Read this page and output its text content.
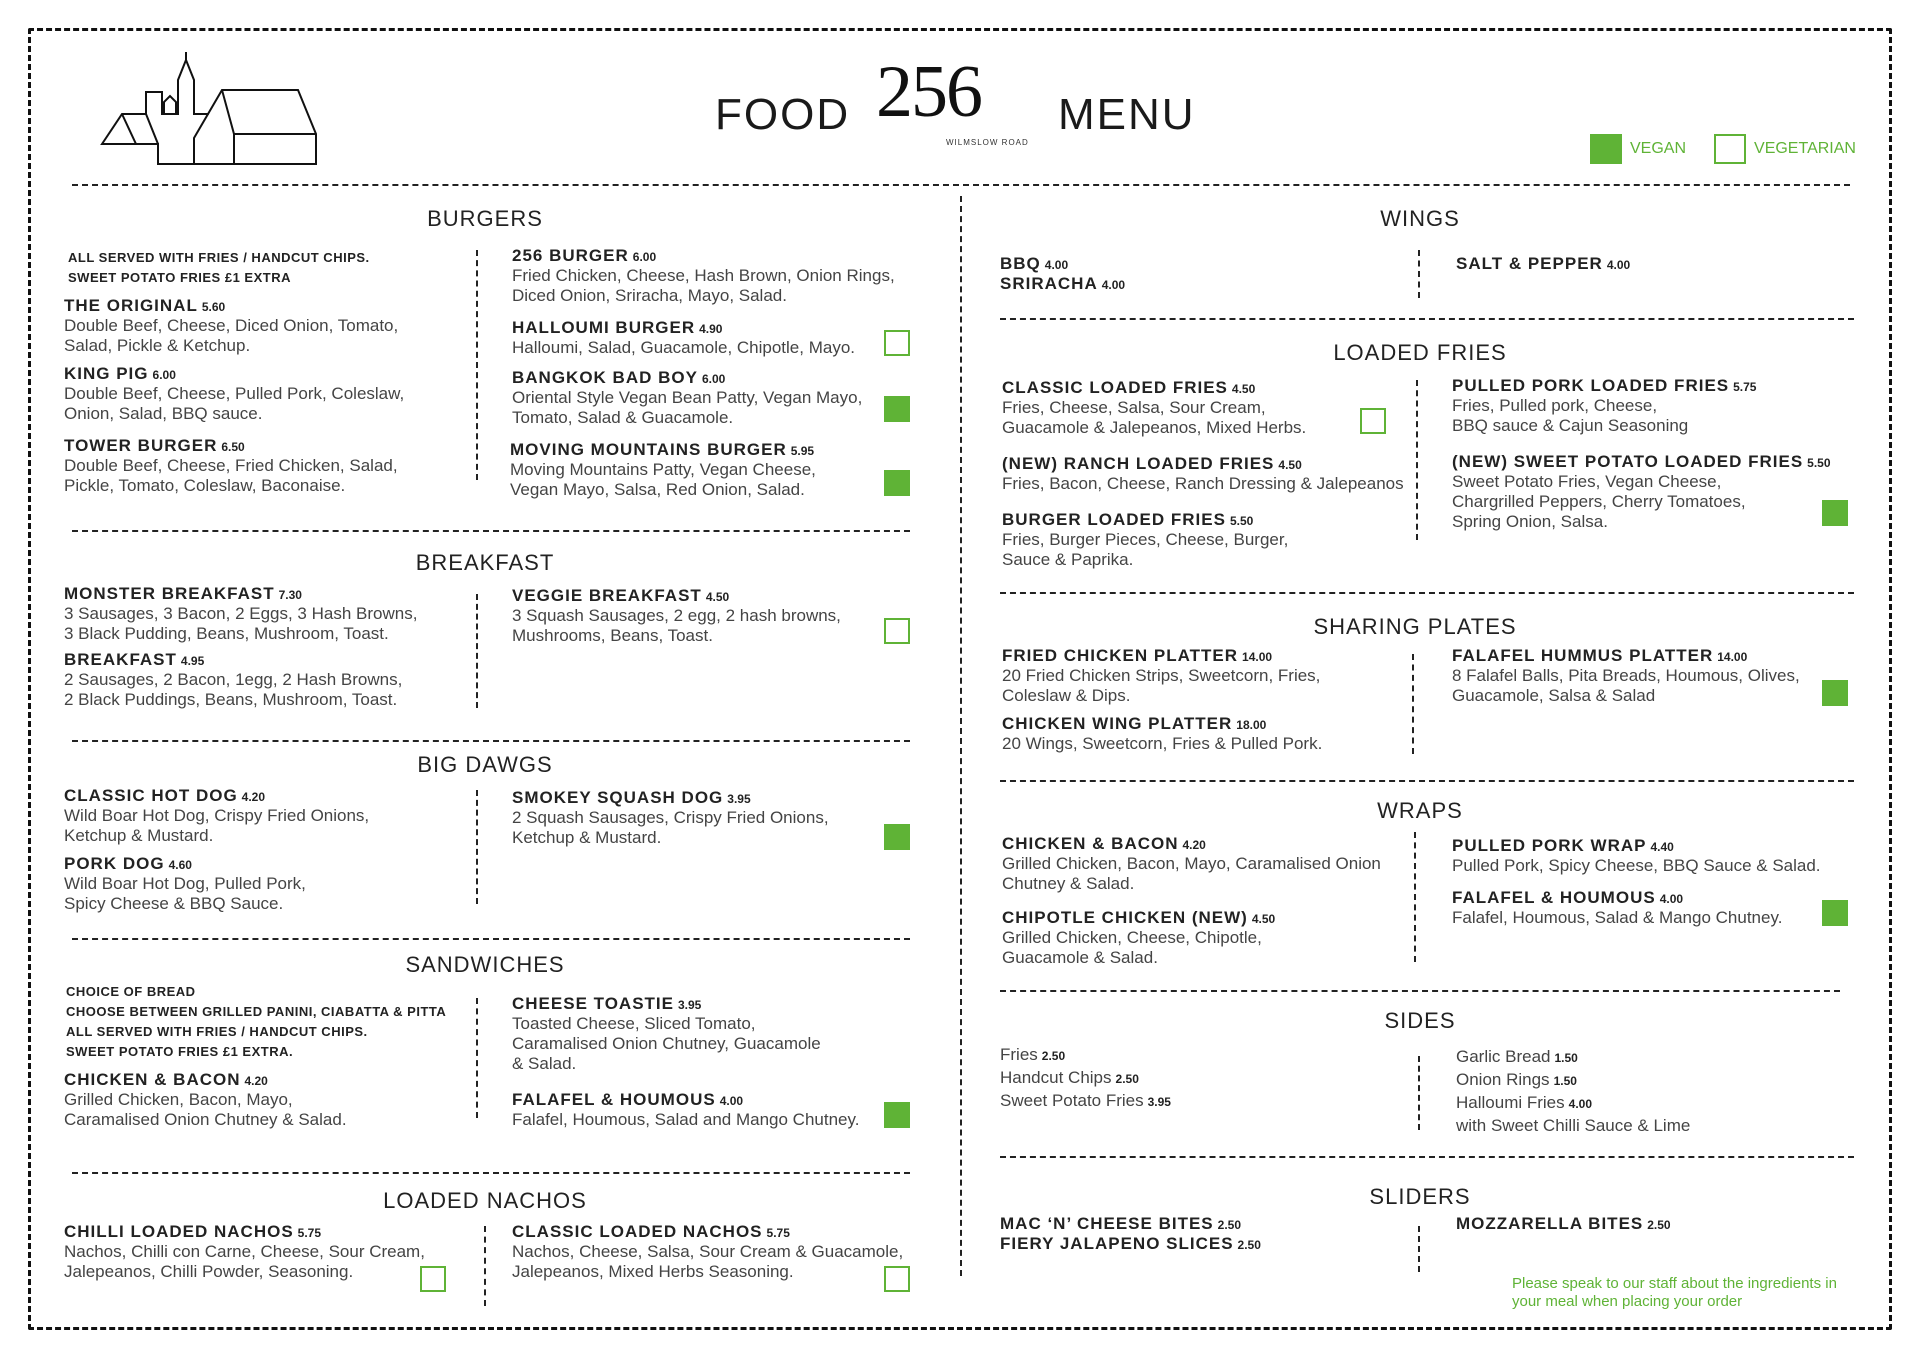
FOOD 256
WILMSLOW ROAD
MENU
VEGAN	VEGETARIAN
BURGERS
ALL SERVED WITH FRIES / HANDCUT CHIPS.
SWEET POTATO FRIES £1 EXTRA
THE ORIGINAL 5.60
Double Beef, Cheese, Diced Onion, Tomato,
Salad, Pickle & Ketchup.
KING PIG 6.00
Double Beef, Cheese, Pulled Pork, Coleslaw,
Onion, Salad, BBQ sauce.
TOWER BURGER 6.50
Double Beef, Cheese, Fried Chicken, Salad,
Pickle, Tomato, Coleslaw, Baconaise.
256 BURGER 6.00
Fried Chicken, Cheese, Hash Brown, Onion Rings,
Diced Onion, Sriracha, Mayo, Salad.
HALLOUMI BURGER 4.90
Halloumi, Salad, Guacamole, Chipotle, Mayo.
BANGKOK BAD BOY 6.00
Oriental Style Vegan Bean Patty, Vegan Mayo,
Tomato, Salad & Guacamole.
MOVING MOUNTAINS BURGER 5.95
Moving Mountains Patty, Vegan Cheese,
Vegan Mayo, Salsa, Red Onion, Salad.
BREAKFAST
MONSTER BREAKFAST 7.30
3 Sausages, 3 Bacon, 2 Eggs, 3 Hash Browns,
3 Black Pudding, Beans, Mushroom, Toast.
BREAKFAST 4.95
2 Sausages, 2 Bacon, 1egg, 2 Hash Browns,
2 Black Puddings, Beans, Mushroom, Toast.
VEGGIE BREAKFAST 4.50
3 Squash Sausages, 2 egg, 2 hash browns,
Mushrooms, Beans, Toast.
BIG DAWGS
CLASSIC HOT DOG 4.20
Wild Boar Hot Dog, Crispy Fried Onions,
Ketchup & Mustard.
PORK DOG 4.60
Wild Boar Hot Dog, Pulled Pork,
Spicy Cheese & BBQ Sauce.
SMOKEY SQUASH DOG 3.95
2 Squash Sausages, Crispy Fried Onions,
Ketchup & Mustard.
SANDWICHES
CHOICE OF BREAD
CHOOSE BETWEEN GRILLED PANINI, CIABATTA & PITTA
ALL SERVED WITH FRIES / HANDCUT CHIPS.
SWEET POTATO FRIES £1 EXTRA.
CHICKEN & BACON 4.20
Grilled Chicken, Bacon, Mayo,
Caramalised Onion Chutney & Salad.
CHEESE TOASTIE 3.95
Toasted Cheese, Sliced Tomato,
Caramalised Onion Chutney, Guacamole
& Salad.
FALAFEL & HOUMOUS 4.00
Falafel, Houmous, Salad and Mango Chutney.
LOADED NACHOS
CHILLI LOADED NACHOS 5.75
Nachos, Chilli con Carne, Cheese, Sour Cream,
Jalepeanos, Chilli Powder, Seasoning.
CLASSIC LOADED NACHOS 5.75
Nachos, Cheese, Salsa, Sour Cream & Guacamole,
Jalepeanos, Mixed Herbs Seasoning.
WINGS
BBQ 4.00
SRIRACHA 4.00
SALT & PEPPER 4.00
LOADED FRIES
CLASSIC LOADED FRIES 4.50
Fries, Cheese, Salsa, Sour Cream,
Guacamole & Jalepeanos, Mixed Herbs.
(NEW) RANCH LOADED FRIES 4.50
Fries, Bacon, Cheese, Ranch Dressing & Jalepeanos
BURGER LOADED FRIES 5.50
Fries, Burger Pieces, Cheese, Burger,
Sauce & Paprika.
PULLED PORK LOADED FRIES 5.75
Fries, Pulled pork, Cheese,
BBQ sauce & Cajun Seasoning
(NEW) SWEET POTATO LOADED FRIES 5.50
Sweet Potato Fries, Vegan Cheese,
Chargrilled Peppers, Cherry Tomatoes,
Spring Onion, Salsa.
SHARING PLATES
FRIED CHICKEN PLATTER 14.00
20 Fried Chicken Strips, Sweetcorn, Fries,
Coleslaw & Dips.
CHICKEN WING PLATTER 18.00
20 Wings, Sweetcorn, Fries & Pulled Pork.
FALAFEL HUMMUS PLATTER 14.00
8 Falafel Balls, Pita Breads, Houmous, Olives,
Guacamole, Salsa & Salad
WRAPS
CHICKEN & BACON 4.20
Grilled Chicken, Bacon, Mayo, Caramalised Onion
Chutney & Salad.
CHIPOTLE CHICKEN (NEW) 4.50
Grilled Chicken, Cheese, Chipotle,
Guacamole & Salad.
PULLED PORK WRAP 4.40
Pulled Pork, Spicy Cheese, BBQ Sauce & Salad.
FALAFEL & HOUMOUS 4.00
Falafel, Houmous, Salad & Mango Chutney.
SIDES
Fries 2.50
Handcut Chips 2.50
Sweet Potato Fries 3.95
Garlic Bread 1.50
Onion Rings 1.50
Halloumi Fries 4.00
with Sweet Chilli Sauce & Lime
SLIDERS
MAC ‘N’ CHEESE BITES 2.50
FIERY JALAPENO SLICES 2.50
MOZZARELLA BITES 2.50
Please speak to our staff about the ingredients in
your meal when placing your order
